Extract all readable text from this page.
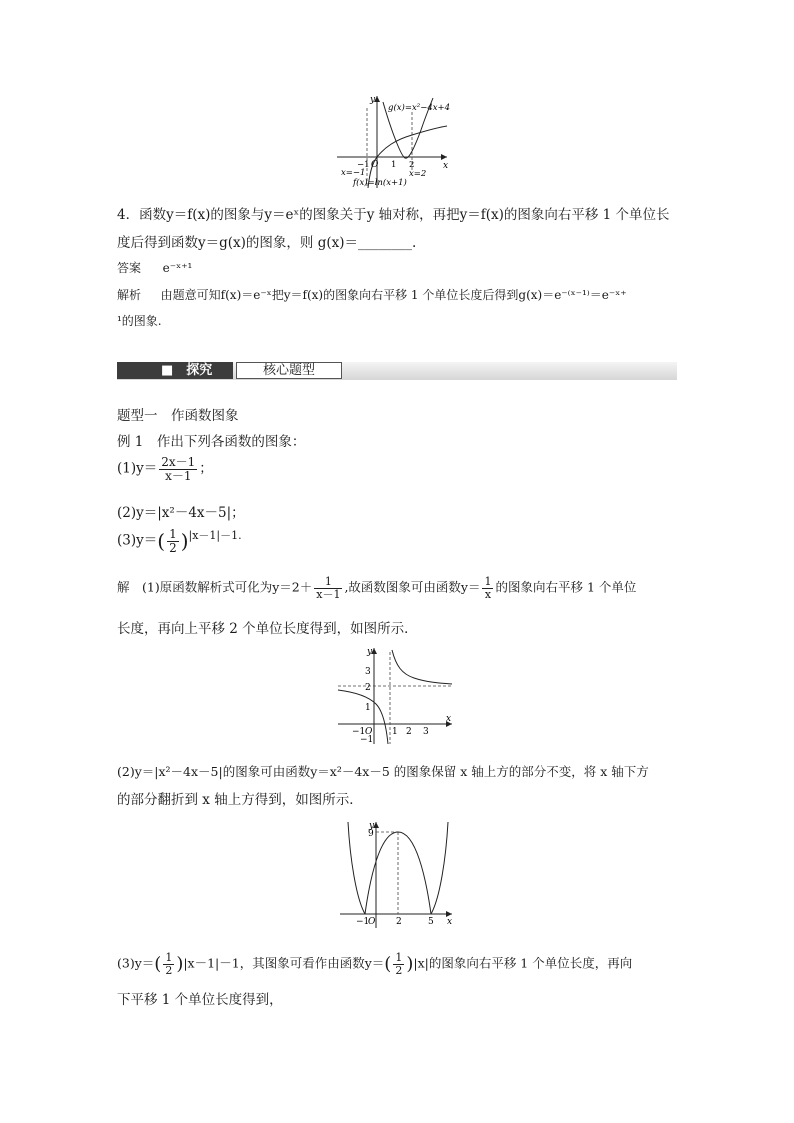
y
x
O
g(x)=x²−4x+4
−1	1 2
x=−1	x=2
f(x)=ln(x+1)
4．函数y＝f(x)的图象与y＝eˣ的图象关于y 轴对称，再把y＝f(x)的图象向右平移 1 个单位长
度后得到函数y＝g(x)的图象，则 g(x)＝________.
答案 e⁻ˣ⁺¹
解析 由题意可知f(x)＝e⁻ˣ把y＝f(x)的图象向右平移 1 个单位长度后得到g(x)＝e⁻⁽ˣ⁻¹⁾＝e⁻ˣ⁺
¹的图象.
■　探究	核心题型
题型一　作函数图象
例 1　作出下列各函数的图象：
$(1)y= \frac{2x-1}{x-1}$ ；
(2)y＝|x²－4x－5|；
$(3)y=( \frac{1}{2} )^{|x-1|-1.}$
解　(1)原函数解析式可化为$y=2+ \frac{1}{x-1}$ ,故函数图象可由函数$y= \frac{1}{x}$ 的图象向右平移 1 个单位
长度，再向上平移 2 个单位长度得到，如图所示．
y
x
O
3
2
1
−1
−1	1 2 3
(2)y＝|x²－4x－5|的图象可由函数y＝x²－4x－5 的图象保留 x 轴上方的部分不变，将 x 轴下方
的部分翻折到 x 轴上方得到，如图所示．
y
x
O
9
−1	2	5
$(3)y=( \frac{1}{2} )|x-1|-1$，其图象可看作由函数$y=( \frac{1}{2} )|x|$的图象向右平移 1 个单位长度，再向
下平移 1 个单位长度得到，
